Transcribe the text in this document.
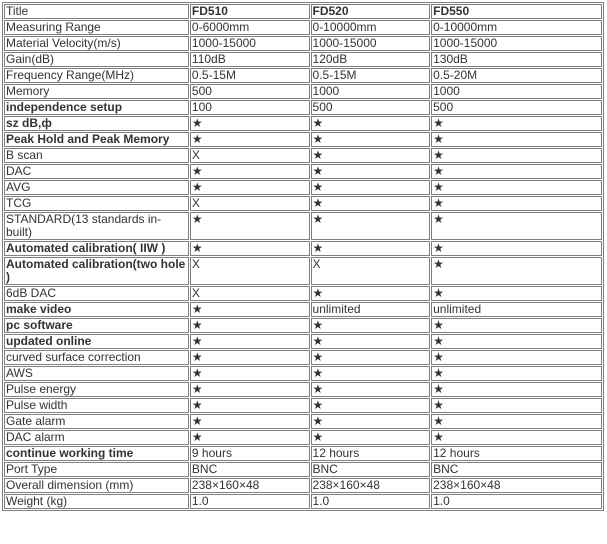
Title	FD510	FD520	FD550
Measuring Range	0-6000mm	0-10000mm	0-10000mm
Material Velocity(m/s)	1000-15000	1000-15000	1000-15000
Gain(dB)	110dB	120dB	130dB
Frequency Range(MHz)	0.5-15M	0.5-15M	0.5-20M
Memory	500	1000	1000
independence setup	100	500	500
sz dB,ф	★	★	★
Peak Hold and Peak Memory	★	★	★
B scan	X	★	★
DAC	★	★	★
AVG	★	★	★
TCG	X	★	★
STANDARD(13 standards in-built)	★	★	★
Automated calibration( IIW )	★	★	★
Automated calibration(two hole )	X	X	★
6dB DAC	X	★	★
make video	★	unlimited	unlimited
pc software	★	★	★
updated online	★	★	★
curved surface correction	★	★	★
AWS	★	★	★
Pulse energy	★	★	★
Pulse width	★	★	★
Gate alarm	★	★	★
DAC alarm	★	★	★
continue working time	9 hours	12 hours	12 hours
Port Type	BNC	BNC	BNC
Overall dimension (mm)	238×160×48	238×160×48	238×160×48
Weight (kg)	1.0	1.0	1.0
